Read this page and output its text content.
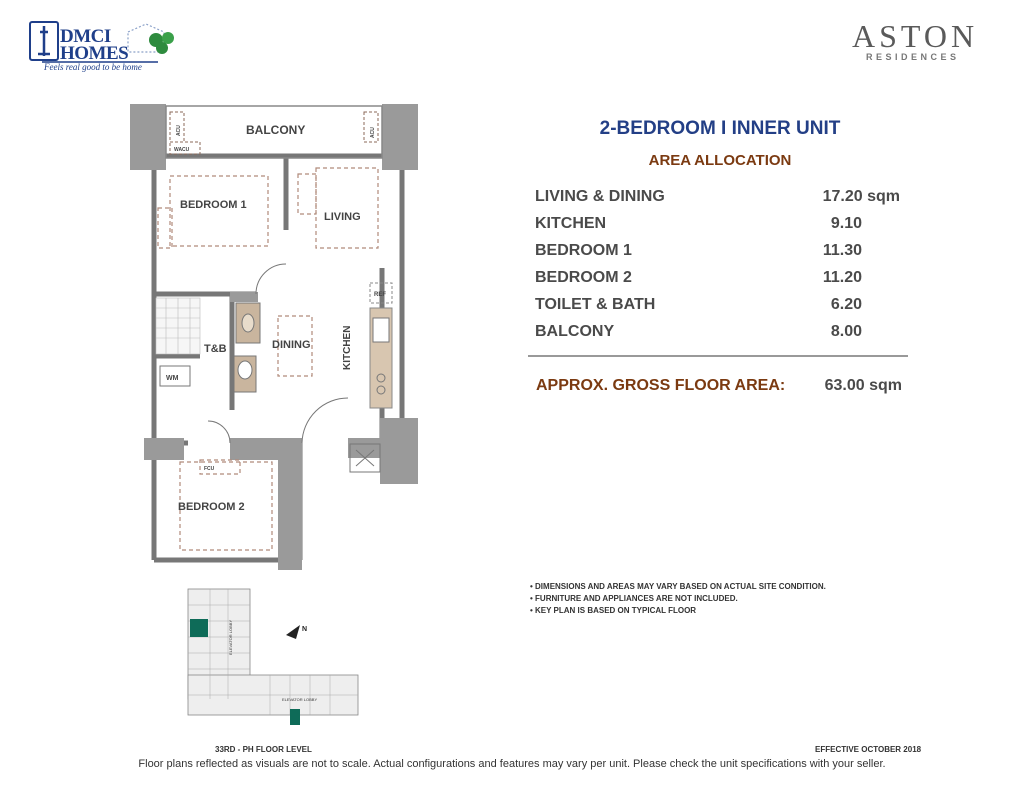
DMCI
HOMES
Feels real good to be home
ASTON
RESIDENCES
2-BEDROOM I INNER UNIT
AREA ALLOCATION
LIVING & DINING	17.20 sqm
KITCHEN	9.10
BEDROOM 1	11.30
BEDROOM 2	11.20
TOILET & BATH	6.20
BALCONY	8.00
APPROX. GROSS FLOOR AREA:	63.00 sqm
• DIMENSIONS AND AREAS MAY VARY BASED ON ACTUAL SITE CONDITION.
• FURNITURE AND APPLIANCES ARE NOT INCLUDED.
• KEY PLAN IS BASED ON TYPICAL FLOOR
BALCONY
BEDROOM 1
LIVING
T&B	DINING	KITCHEN
WM
BEDROOM 2
ACU	ACU
WACU
REF
FCU
ELEVATOR LOBBY
ELEVATOR LOBBY	N
33RD - PH FLOOR LEVEL	EFFECTIVE OCTOBER 2018
Floor plans reflected as visuals are not to scale. Actual configurations and features may vary per unit. Please check the unit specifications with your seller.
